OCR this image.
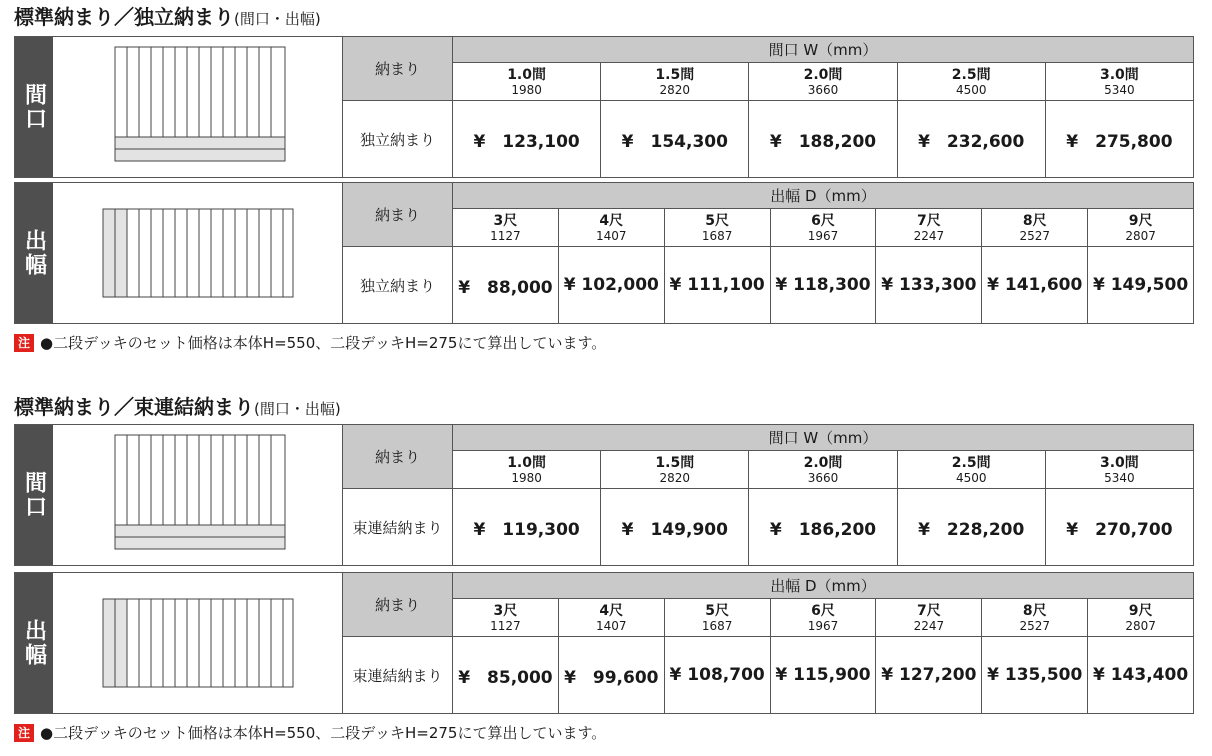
標準納まり／独立納まり(間口・出幅)
間口
納まり
独立納まり
間口 W（mm）
1.0間
1980
¥　123,100
1.5間
2820
¥　154,300
2.0間
3660
¥　188,200
2.5間
4500
¥　232,600
3.0間
5340
¥　275,800
出幅
納まり
独立納まり
出幅 D（mm）
3尺
1127
¥　88,000
4尺
1407
¥ 102,000
5尺
1687
¥ 111,100
6尺
1967
¥ 118,300
7尺
2247
¥ 133,300
8尺
2527
¥ 141,600
9尺
2807
¥ 149,500
注 ●二段デッキのセット価格は本体H=550、二段デッキH=275にて算出しています。
標準納まり／束連結納まり(間口・出幅)
間口
納まり
束連結納まり
間口 W（mm）
1.0間
1980
¥　119,300
1.5間
2820
¥　149,900
2.0間
3660
¥　186,200
2.5間
4500
¥　228,200
3.0間
5340
¥　270,700
出幅
納まり
束連結納まり
出幅 D（mm）
3尺
1127
¥　85,000
4尺
1407
¥　99,600
5尺
1687
¥ 108,700
6尺
1967
¥ 115,900
7尺
2247
¥ 127,200
8尺
2527
¥ 135,500
9尺
2807
¥ 143,400
注 ●二段デッキのセット価格は本体H=550、二段デッキH=275にて算出しています。
